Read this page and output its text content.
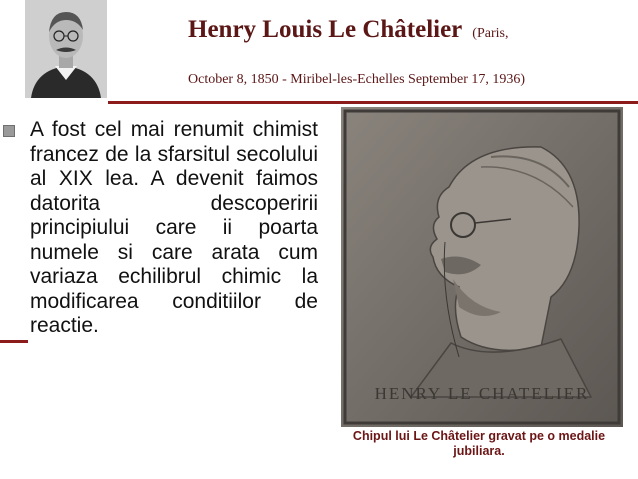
Henry Louis Le Châtelier (Paris,
October 8, 1850 - Miribel-les-Echelles September 17, 1936)
A fost cel mai renumit chimist francez de la sfarsitul secolului al XIX lea. A devenit faimos datorita descoperirii principiului care ii poarta numele si care arata cum variaza echilibrul chimic la modificarea conditiilor de reactie.
HENRY LE CHATELIER
Chipul lui Le Châtelier gravat pe o medalie jubiliara.
